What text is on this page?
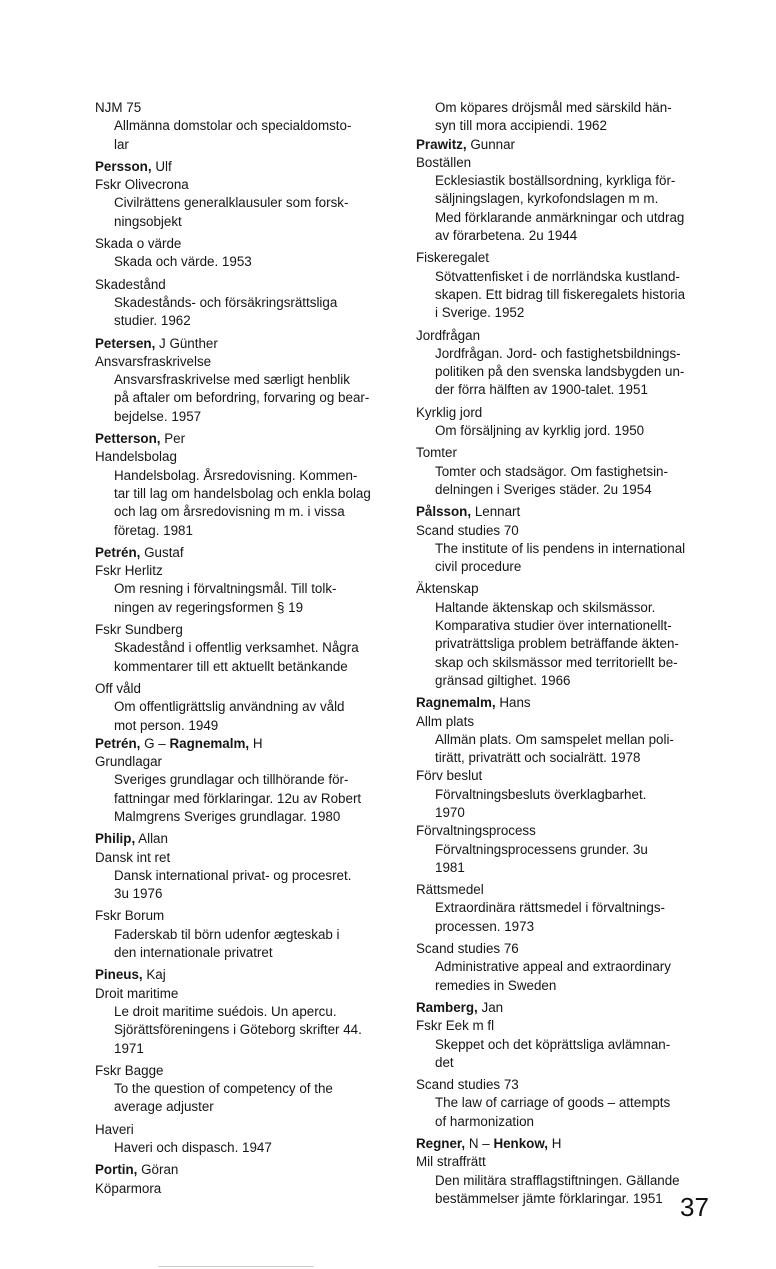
NJM 75
Allmänna domstolar och specialdomsto-
lar
Persson, Ulf
Fskr Olivecrona
Civilrättens generalklausuler som forsk-
ningsobjekt
Skada o värde
Skada och värde. 1953
Skadestånd
Skadestånds- och försäkringsrättsliga
studier. 1962
Petersen, J Günther
Ansvarsfraskrivelse
Ansvarsfraskrivelse med særligt henblik
på aftaler om befordring, forvaring og bear-
bejdelse. 1957
Petterson, Per
Handelsbolag
Handelsbolag. Årsredovisning. Kommen-
tar till lag om handelsbolag och enkla bolag
och lag om årsredovisning m m. i vissa
företag. 1981
Petrén, Gustaf
Fskr Herlitz
Om resning i förvaltningsmål. Till tolk-
ningen av regeringsformen § 19
Fskr Sundberg
Skadestånd i offentlig verksamhet. Några
kommentarer till ett aktuellt betänkande
Off våld
Om offentligrättslig användning av våld
mot person. 1949
Petrén, G – Ragnemalm, H
Grundlagar
Sveriges grundlagar och tillhörande för-
fattningar med förklaringar. 12u av Robert
Malmgrens Sveriges grundlagar. 1980
Philip, Allan
Dansk int ret
Dansk international privat- og procesret.
3u 1976
Fskr Borum
Faderskab til börn udenfor ægteskab i
den internationale privatret
Pineus, Kaj
Droit maritime
Le droit maritime suédois. Un apercu.
Sjörättsföreningens i Göteborg skrifter 44.
1971
Fskr Bagge
To the question of competency of the
average adjuster
Haveri
Haveri och dispasch. 1947
Portin, Göran
Köparmora
Om köpares dröjsmål med särskild hän-
syn till mora accipiendi. 1962
Prawitz, Gunnar
Boställen
Ecklesiastik boställsordning, kyrkliga för-
säljningslagen, kyrkofondslagen m m.
Med förklarande anmärkningar och utdrag
av förarbetena. 2u 1944
Fiskeregalet
Sötvattenfisket i de norrländska kustland-
skapen. Ett bidrag till fiskeregalets historia
i Sverige. 1952
Jordfrågan
Jordfrågan. Jord- och fastighetsbildnings-
politiken på den svenska landsbygden un-
der förra hälften av 1900-talet. 1951
Kyrklig jord
Om försäljning av kyrklig jord. 1950
Tomter
Tomter och stadsägor. Om fastighetsin-
delningen i Sveriges städer. 2u 1954
Pålsson, Lennart
Scand studies 70
The institute of lis pendens in international
civil procedure
Äktenskap
Haltande äktenskap och skilsmässor.
Komparativa studier över internationellt-
privaträttsliga problem beträffande äkten-
skap och skilsmässor med territoriellt be-
gränsad giltighet. 1966
Ragnemalm, Hans
Allm plats
Allmän plats. Om samspelet mellan poli-
tirätt, privaträtt och socialrätt. 1978
Förv beslut
Förvaltningsbesluts överklagbarhet.
1970
Förvaltningsprocess
Förvaltningsprocessens grunder. 3u
1981
Rättsmedel
Extraordinära rättsmedel i förvaltnings-
processen. 1973
Scand studies 76
Administrative appeal and extraordinary
remedies in Sweden
Ramberg, Jan
Fskr Eek m fl
Skeppet och det köprättsliga avlämnan-
det
Scand studies 73
The law of carriage of goods – attempts
of harmonization
Regner, N – Henkow, H
Mil straffrätt
Den militära strafflagstiftningen. Gällande
bestämmelser jämte förklaringar. 1951 37
